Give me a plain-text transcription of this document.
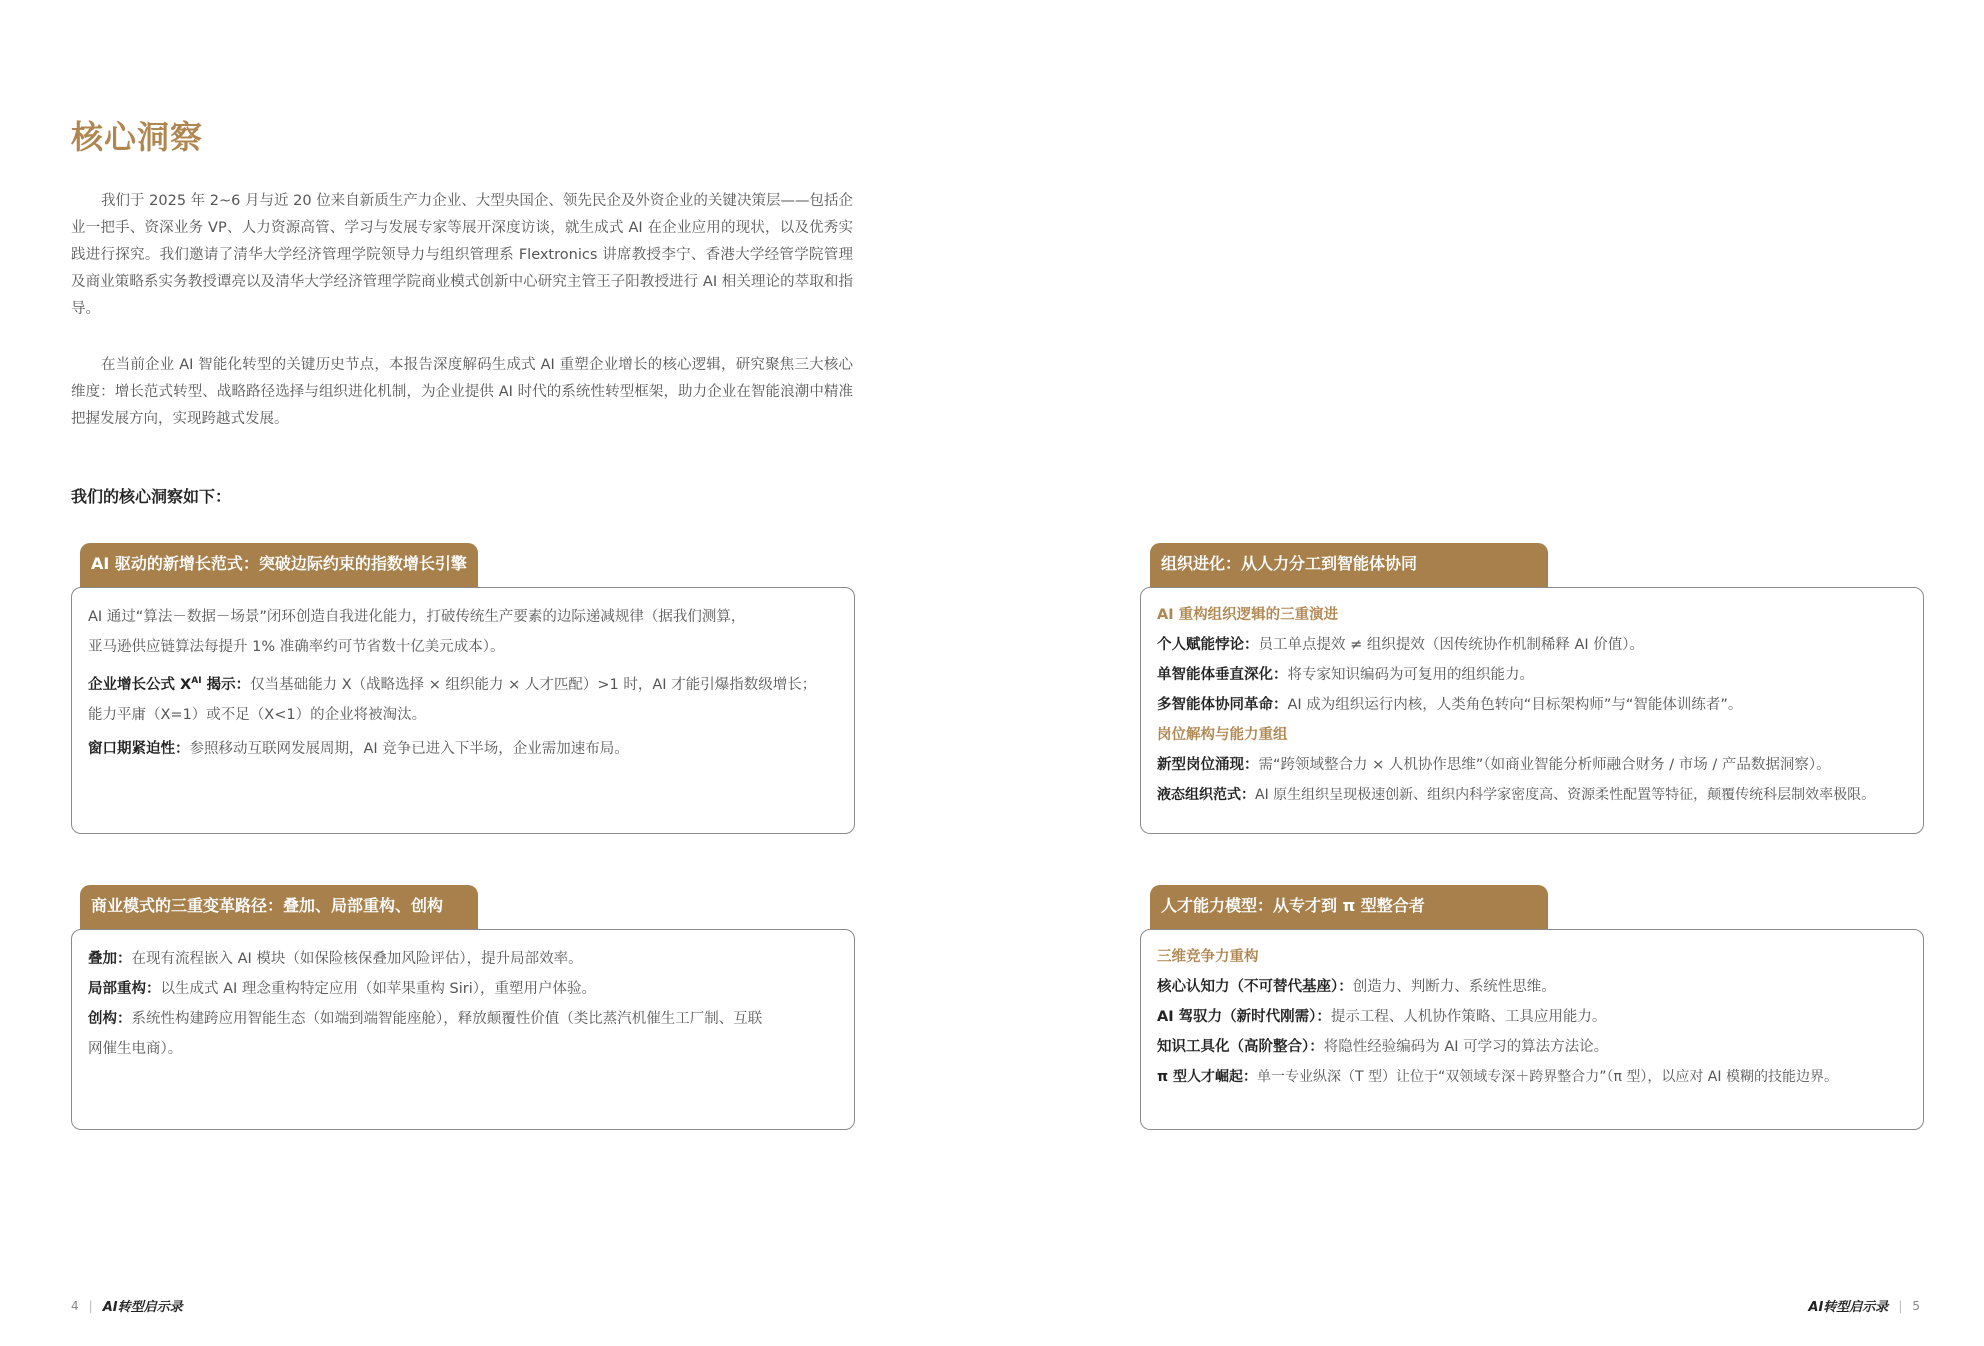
核心洞察

我们于 2025 年 2~6 月与近 20 位来自新质生产力企业、大型央国企、领先民企及外资企业的关键决策层——包括企业一把手、资深业务 VP、人力资源高管、学习与发展专家等展开深度访谈，就生成式 AI 在企业应用的现状，以及优秀实践进行探究。我们邀请了清华大学经济管理学院领导力与组织管理系 Flextronics 讲席教授李宁、香港大学经管学院管理及商业策略系实务教授谭亮以及清华大学经济管理学院商业模式创新中心研究主管王子阳教授进行 AI 相关理论的萃取和指导。

在当前企业 AI 智能化转型的关键历史节点，本报告深度解码生成式 AI 重塑企业增长的核心逻辑，研究聚焦三大核心维度：增长范式转型、战略路径选择与组织进化机制，为企业提供 AI 时代的系统性转型框架，助力企业在智能浪潮中精准把握发展方向，实现跨越式发展。

我们的核心洞察如下：

AI 驱动的新增长范式：突破边际约束的指数增长引擎

AI 通过“算法－数据－场景”闭环创造自我进化能力，打破传统生产要素的边际递减规律（据我们测算，

亚马逊供应链算法每提升 1% 准确率约可节省数十亿美元成本）。

企业增长公式 $X^{AI}$ 揭示：仅当基础能力 X（战略选择 × 组织能力 × 人才匹配）>1 时，AI 才能引爆指数级增长；

能力平庸（X=1）或不足（X<1）的企业将被淘汰。

窗口期紧迫性：参照移动互联网发展周期，AI 竞争已进入下半场，企业需加速布局。

商业模式的三重变革路径：叠加、局部重构、创构

叠加：在现有流程嵌入 AI 模块（如保险核保叠加风险评估），提升局部效率。

局部重构：以生成式 AI 理念重构特定应用（如苹果重构 Siri），重塑用户体验。

创构：系统性构建跨应用智能生态（如端到端智能座舱），释放颠覆性价值（类比蒸汽机催生工厂制、互联

网催生电商）。

组织进化：从人力分工到智能体协同

AI 重构组织逻辑的三重演进

个人赋能悖论：员工单点提效 ≠ 组织提效（因传统协作机制稀释 AI 价值）。

单智能体垂直深化：将专家知识编码为可复用的组织能力。

多智能体协同革命：AI 成为组织运行内核，人类角色转向“目标架构师”与“智能体训练者”。

岗位解构与能力重组

新型岗位涌现：需“跨领域整合力 × 人机协作思维”（如商业智能分析师融合财务 / 市场 / 产品数据洞察）。

液态组织范式：AI 原生组织呈现极速创新、组织内科学家密度高、资源柔性配置等特征，颠覆传统科层制效率极限。

人才能力模型：从专才到 π 型整合者

三维竞争力重构

核心认知力（不可替代基座）：创造力、判断力、系统性思维。

AI 驾驭力（新时代刚需）：提示工程、人机协作策略、工具应用能力。

知识工具化（高阶整合）：将隐性经验编码为 AI 可学习的算法方法论。

π 型人才崛起：单一专业纵深（T 型）让位于“双领域专深＋跨界整合力”（π 型），以应对 AI 模糊的技能边界。

4 | AI转型启示录	AI转型启示录 | 5
